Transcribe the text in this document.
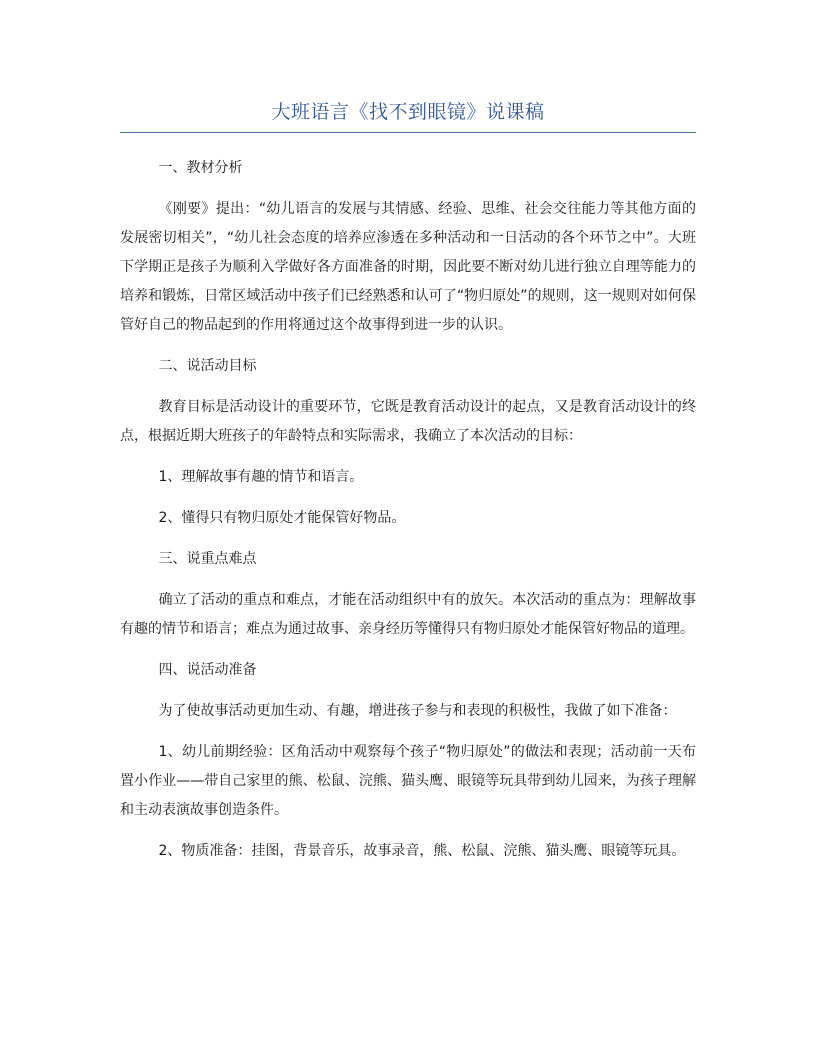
大班语言《找不到眼镜》说课稿

一、教材分析

《刚要》提出：“幼儿语言的发展与其情感、经验、思维、社会交往能力等其他方面的发展密切相关”，“幼儿社会态度的培养应渗透在多种活动和一日活动的各个环节之中”。大班下学期正是孩子为顺利入学做好各方面准备的时期，因此要不断对幼儿进行独立自理等能力的培养和锻炼，日常区域活动中孩子们已经熟悉和认可了“物归原处”的规则，这一规则对如何保管好自己的物品起到的作用将通过这个故事得到进一步的认识。

二、说活动目标

教育目标是活动设计的重要环节，它既是教育活动设计的起点，又是教育活动设计的终点，根据近期大班孩子的年龄特点和实际需求，我确立了本次活动的目标：

1、理解故事有趣的情节和语言。

2、懂得只有物归原处才能保管好物品。

三、说重点难点

确立了活动的重点和难点，才能在活动组织中有的放矢。本次活动的重点为：理解故事有趣的情节和语言；难点为通过故事、亲身经历等懂得只有物归原处才能保管好物品的道理。

四、说活动准备

为了使故事活动更加生动、有趣，增进孩子参与和表现的积极性，我做了如下准备：

1、幼儿前期经验：区角活动中观察每个孩子“物归原处”的做法和表现；活动前一天布置小作业——带自己家里的熊、松鼠、浣熊、猫头鹰、眼镜等玩具带到幼儿园来，为孩子理解和主动表演故事创造条件。

2、物质准备：挂图，背景音乐，故事录音，熊、松鼠、浣熊、猫头鹰、眼镜等玩具。
